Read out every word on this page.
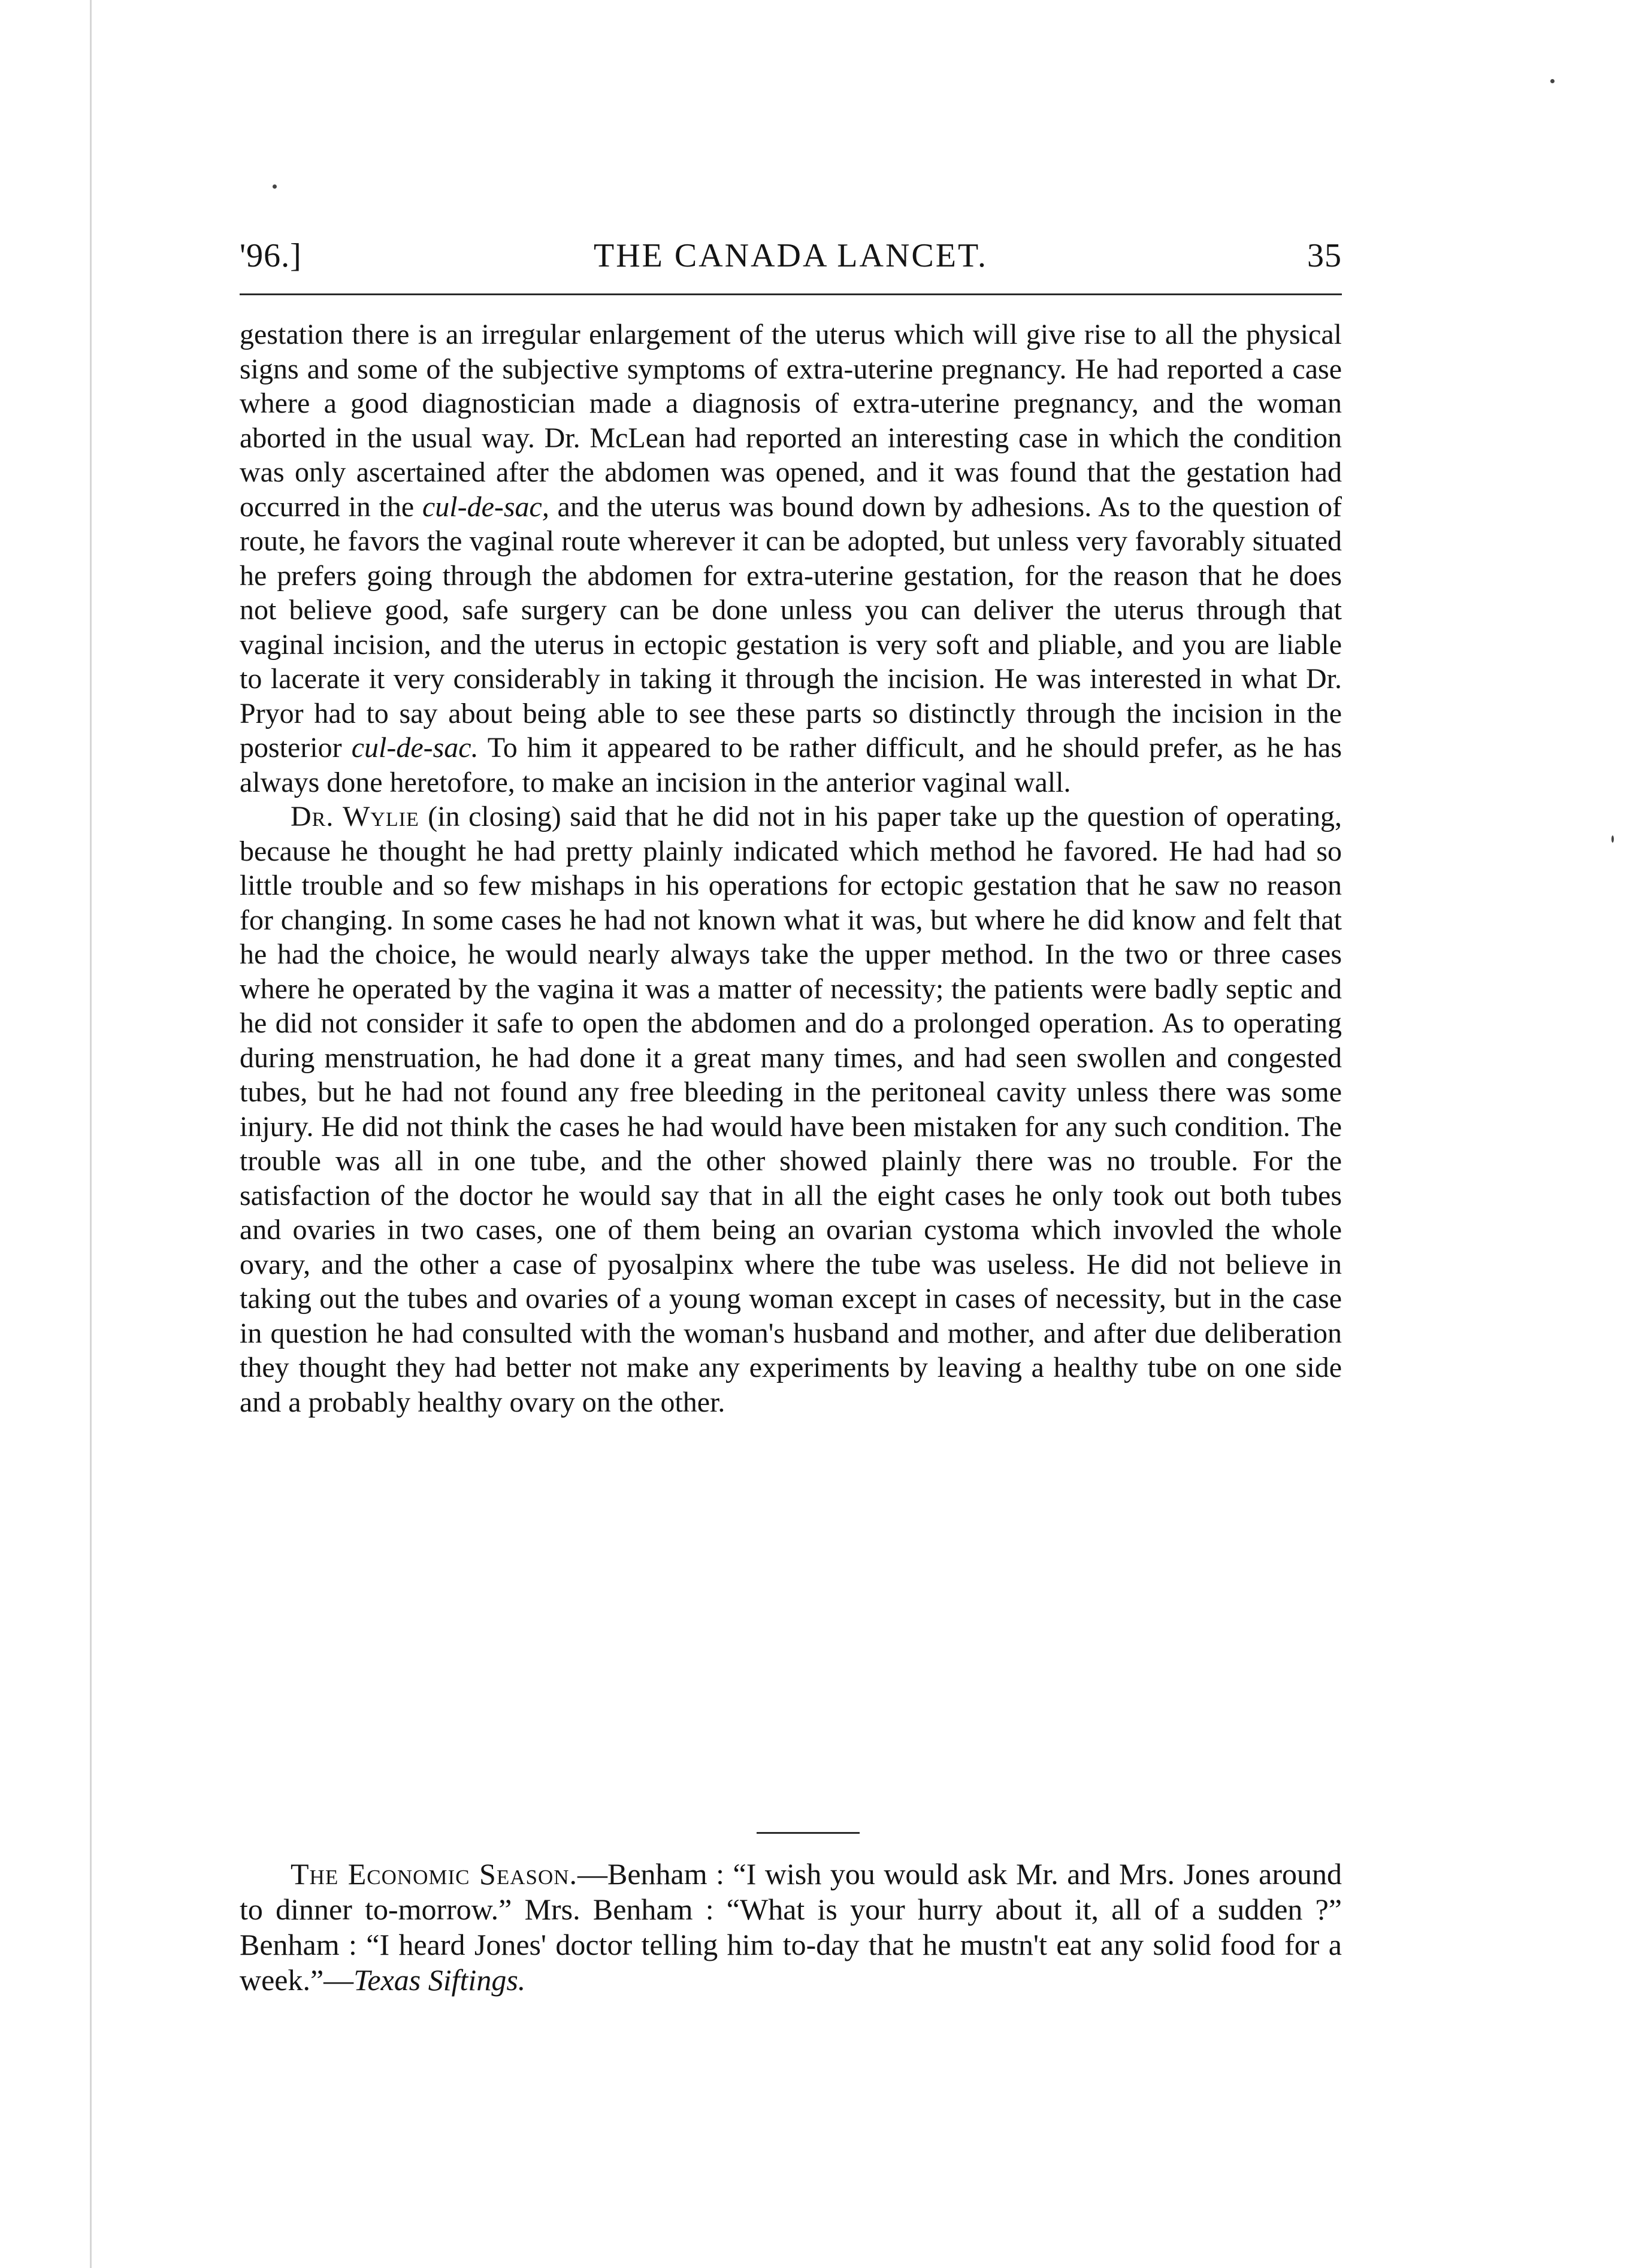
'96.]	THE CANADA LANCET.	35

gestation there is an irregular enlargement of the uterus which will give rise to all the physical signs and some of the subjective symptoms of extra-uterine pregnancy. He had reported a case where a good diagnostician made a diagnosis of extra-uterine pregnancy, and the woman aborted in the usual way. Dr. McLean had reported an interesting case in which the condition was only ascertained after the abdomen was opened, and it was found that the gestation had occurred in the cul-de-sac, and the uterus was bound down by adhesions. As to the question of route, he favors the vaginal route wherever it can be adopted, but unless very favorably situated he prefers going through the abdomen for extra-uterine gestation, for the reason that he does not believe good, safe surgery can be done unless you can deliver the uterus through that vaginal incision, and the uterus in ectopic gestation is very soft and pliable, and you are liable to lacerate it very considerably in taking it through the incision. He was interested in what Dr. Pryor had to say about being able to see these parts so distinctly through the incision in the posterior cul-de-sac. To him it appeared to be rather difficult, and he should prefer, as he has always done heretofore, to make an incision in the anterior vaginal wall.

Dr. Wylie (in closing) said that he did not in his paper take up the question of operating, because he thought he had pretty plainly indicated which method he favored. He had had so little trouble and so few mishaps in his operations for ectopic gestation that he saw no reason for changing. In some cases he had not known what it was, but where he did know and felt that he had the choice, he would nearly always take the upper method. In the two or three cases where he operated by the vagina it was a matter of necessity; the patients were badly septic and he did not consider it safe to open the abdomen and do a prolonged operation. As to operating during menstruation, he had done it a great many times, and had seen swollen and congested tubes, but he had not found any free bleeding in the peritoneal cavity unless there was some injury. He did not think the cases he had would have been mistaken for any such condition. The trouble was all in one tube, and the other showed plainly there was no trouble. For the satisfaction of the doctor he would say that in all the eight cases he only took out both tubes and ovaries in two cases, one of them being an ovarian cystoma which invovled the whole ovary, and the other a case of pyosalpinx where the tube was useless. He did not believe in taking out the tubes and ovaries of a young woman except in cases of necessity, but in the case in question he had consulted with the woman's husband and mother, and after due deliberation they thought they had better not make any experiments by leaving a healthy tube on one side and a probably healthy ovary on the other.

The Economic Season.—Benham : “I wish you would ask Mr. and Mrs. Jones around to dinner to-morrow.” Mrs. Benham : “What is your hurry about it, all of a sudden ?” Benham : “I heard Jones' doctor telling him to-day that he mustn't eat any solid food for a week.”—Texas Siftings.
